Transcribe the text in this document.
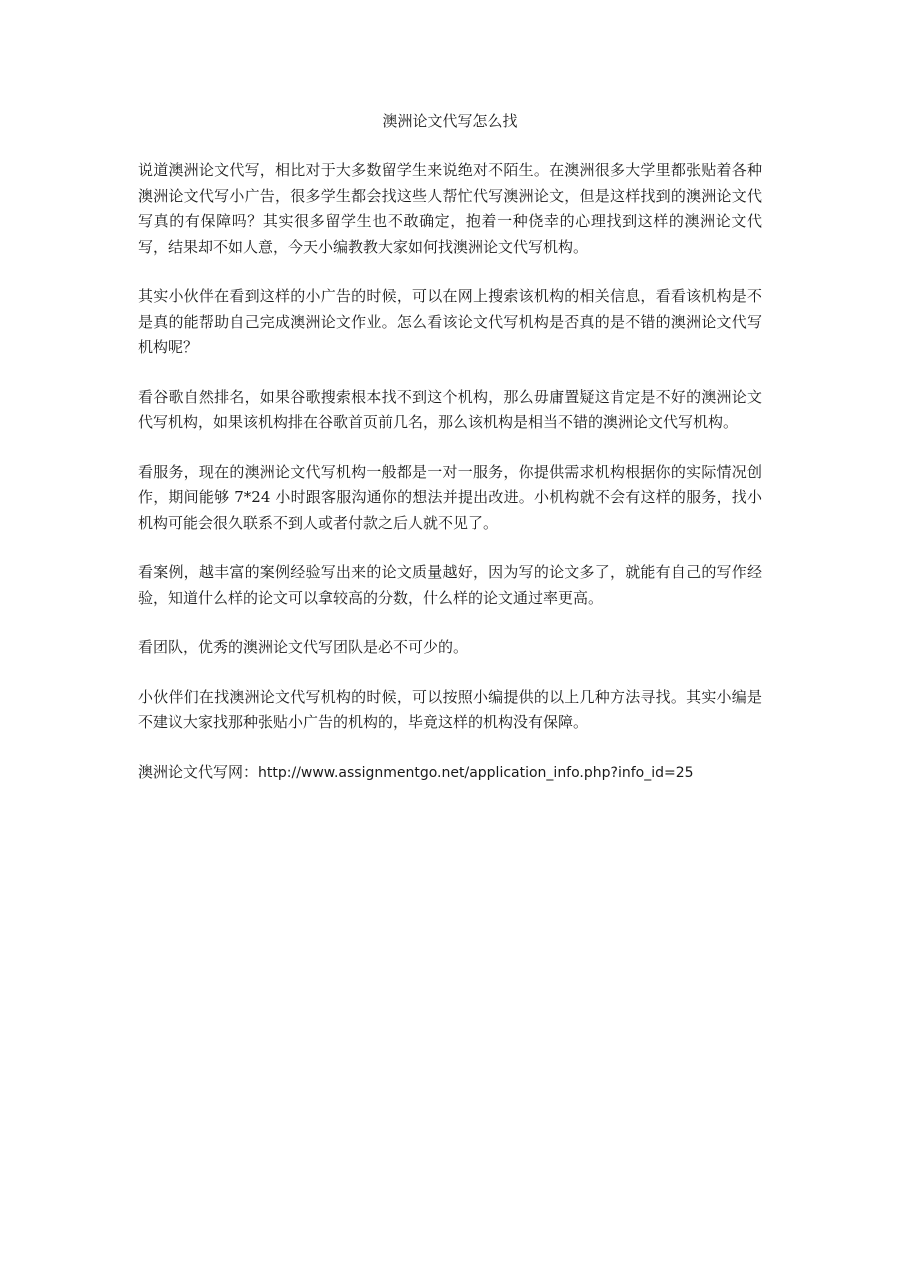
澳洲论文代写怎么找

说道澳洲论文代写，相比对于大多数留学生来说绝对不陌生。在澳洲很多大学里都张贴着各种澳洲论文代写小广告，很多学生都会找这些人帮忙代写澳洲论文，但是这样找到的澳洲论文代写真的有保障吗？其实很多留学生也不敢确定，抱着一种侥幸的心理找到这样的澳洲论文代写，结果却不如人意，今天小编教教大家如何找澳洲论文代写机构。

其实小伙伴在看到这样的小广告的时候，可以在网上搜索该机构的相关信息，看看该机构是不是真的能帮助自己完成澳洲论文作业。怎么看该论文代写机构是否真的是不错的澳洲论文代写机构呢？

看谷歌自然排名，如果谷歌搜索根本找不到这个机构，那么毋庸置疑这肯定是不好的澳洲论文代写机构，如果该机构排在谷歌首页前几名，那么该机构是相当不错的澳洲论文代写机构。

看服务，现在的澳洲论文代写机构一般都是一对一服务，你提供需求机构根据你的实际情况创作，期间能够 7*24 小时跟客服沟通你的想法并提出改进。小机构就不会有这样的服务，找小机构可能会很久联系不到人或者付款之后人就不见了。

看案例，越丰富的案例经验写出来的论文质量越好，因为写的论文多了，就能有自己的写作经验，知道什么样的论文可以拿较高的分数，什么样的论文通过率更高。

看团队，优秀的澳洲论文代写团队是必不可少的。

小伙伴们在找澳洲论文代写机构的时候，可以按照小编提供的以上几种方法寻找。其实小编是不建议大家找那种张贴小广告的机构的，毕竟这样的机构没有保障。

澳洲论文代写网：http://www.assignmentgo.net/application_info.php?info_id=25
